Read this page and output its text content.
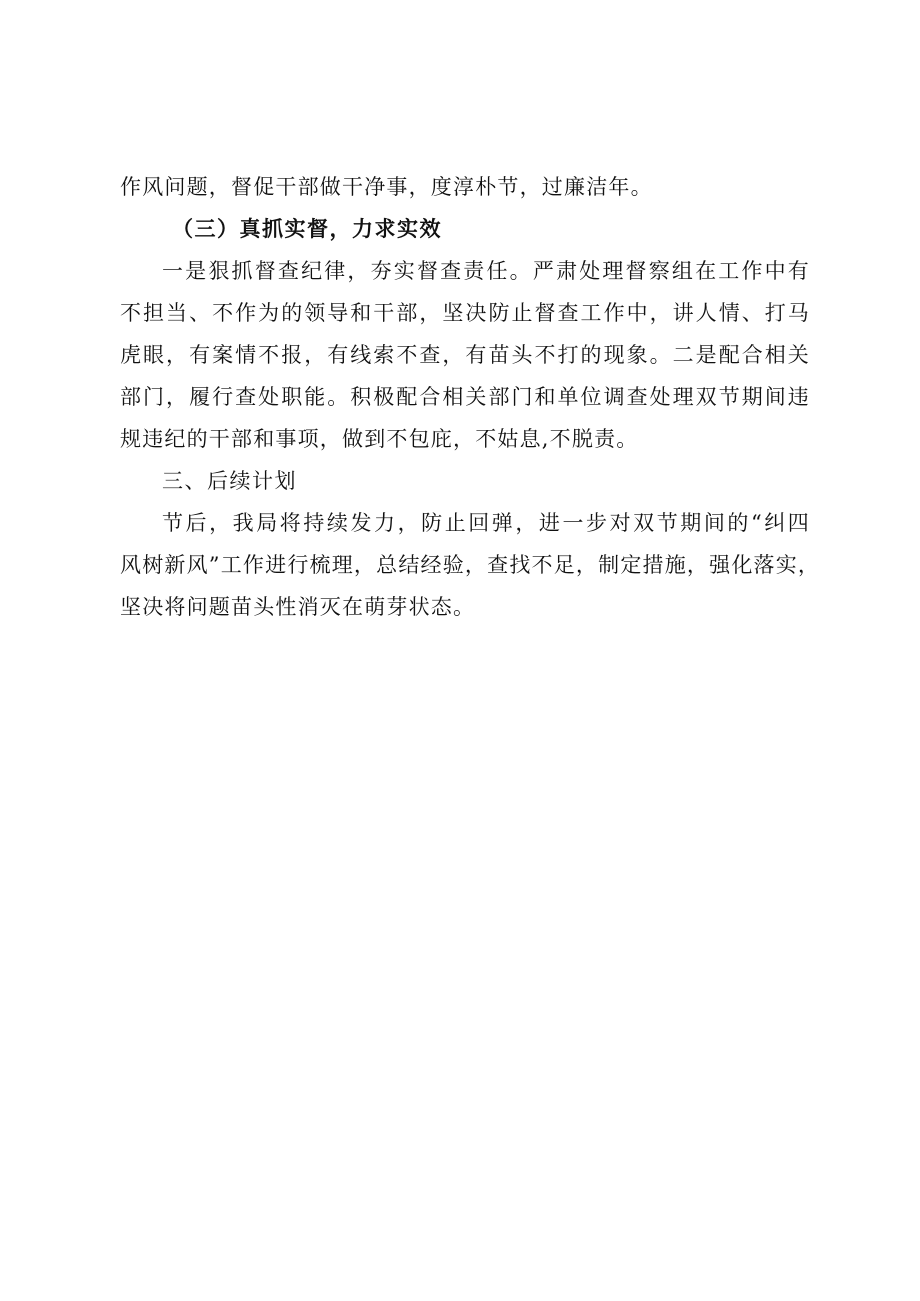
作风问题，督促干部做干净事，度淳朴节，过廉洁年。
（三）真抓实督，力求实效
一是狠抓督查纪律，夯实督查责任。严肃处理督察组在工作中有
不担当、不作为的领导和干部，坚决防止督查工作中，讲人情、打马
虎眼，有案情不报，有线索不查，有苗头不打的现象。二是配合相关
部门，履行查处职能。积极配合相关部门和单位调查处理双节期间违
规违纪的干部和事项，做到不包庇，不姑息,不脱责。
三、后续计划
节后，我局将持续发力，防止回弹，进一步对双节期间的“纠四
风树新风”工作进行梳理，总结经验，查找不足，制定措施，强化落实，
坚决将问题苗头性消灭在萌芽状态。
